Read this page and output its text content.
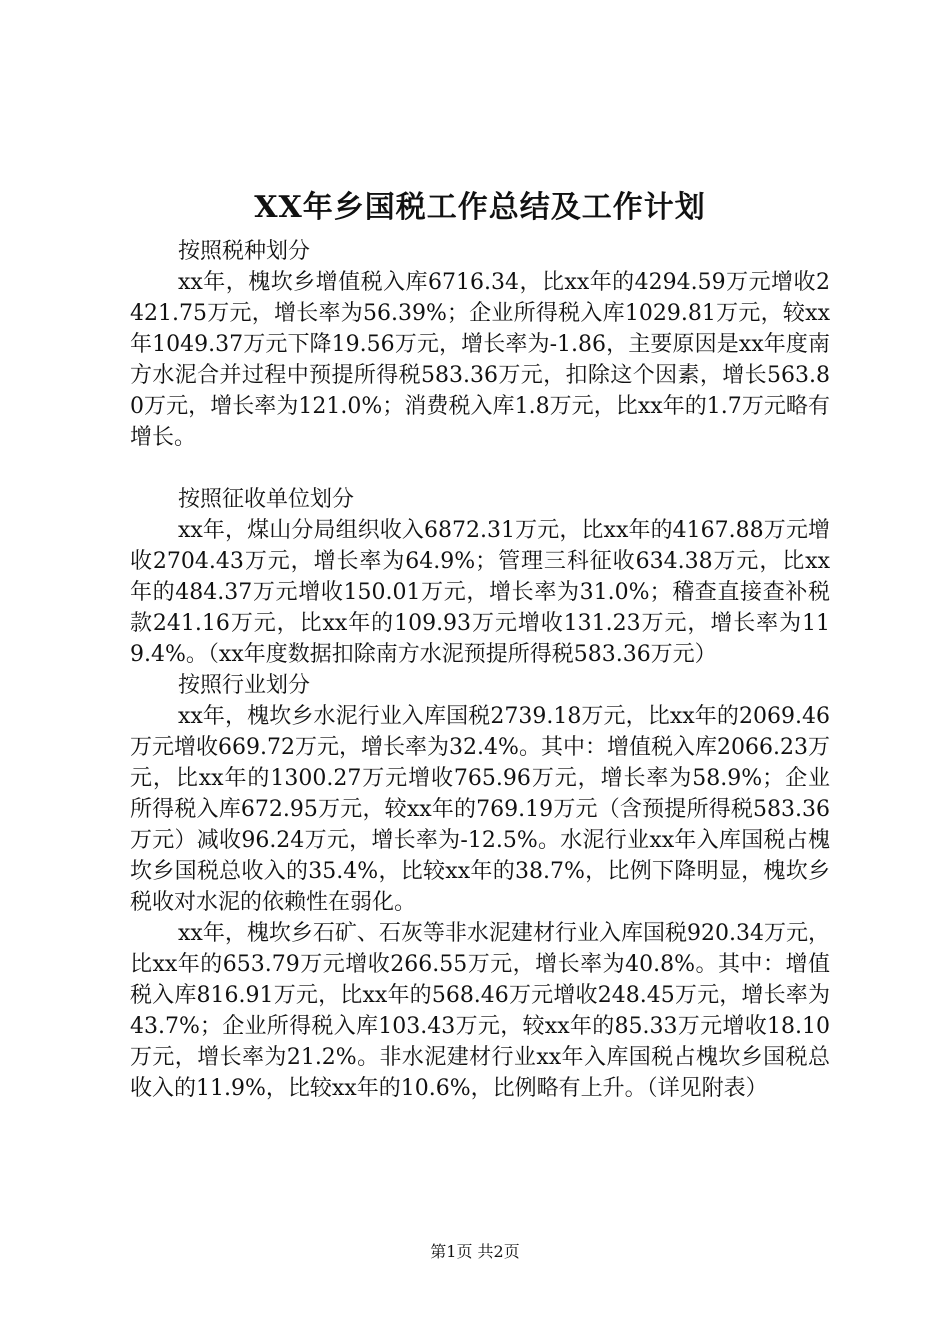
XX年乡国税工作总结及工作计划

按照税种划分

xx年，槐坎乡增值税入库6716.34，比xx年的4294.59万元增收2421.75万元，增长率为56.39%；企业所得税入库1029.81万元，较xx年1049.37万元下降19.56万元，增长率为-1.86，主要原因是xx年度南方水泥合并过程中预提所得税583.36万元，扣除这个因素，增长563.80万元，增长率为121.0%；消费税入库1.8万元，比xx年的1.7万元略有增长。

按照征收单位划分

xx年，煤山分局组织收入6872.31万元，比xx年的4167.88万元增收2704.43万元，增长率为64.9%；管理三科征收634.38万元，比xx年的484.37万元增收150.01万元，增长率为31.0%；稽查直接查补税款241.16万元，比xx年的109.93万元增收131.23万元，增长率为119.4%。（xx年度数据扣除南方水泥预提所得税583.36万元）

按照行业划分

xx年，槐坎乡水泥行业入库国税2739.18万元，比xx年的2069.46万元增收669.72万元，增长率为32.4%。其中：增值税入库2066.23万元，比xx年的1300.27万元增收765.96万元，增长率为58.9%；企业所得税入库672.95万元，较xx年的769.19万元（含预提所得税583.36万元）减收96.24万元，增长率为-12.5%。水泥行业xx年入库国税占槐坎乡国税总收入的35.4%，比较xx年的38.7%，比例下降明显，槐坎乡税收对水泥的依赖性在弱化。

xx年，槐坎乡石矿、石灰等非水泥建材行业入库国税920.34万元，比xx年的653.79万元增收266.55万元，增长率为40.8%。其中：增值税入库816.91万元，比xx年的568.46万元增收248.45万元，增长率为43.7%；企业所得税入库103.43万元，较xx年的85.33万元增收18.10万元，增长率为21.2%。非水泥建材行业xx年入库国税占槐坎乡国税总收入的11.9%，比较xx年的10.6%，比例略有上升。（详见附表）

第1页 共2页
